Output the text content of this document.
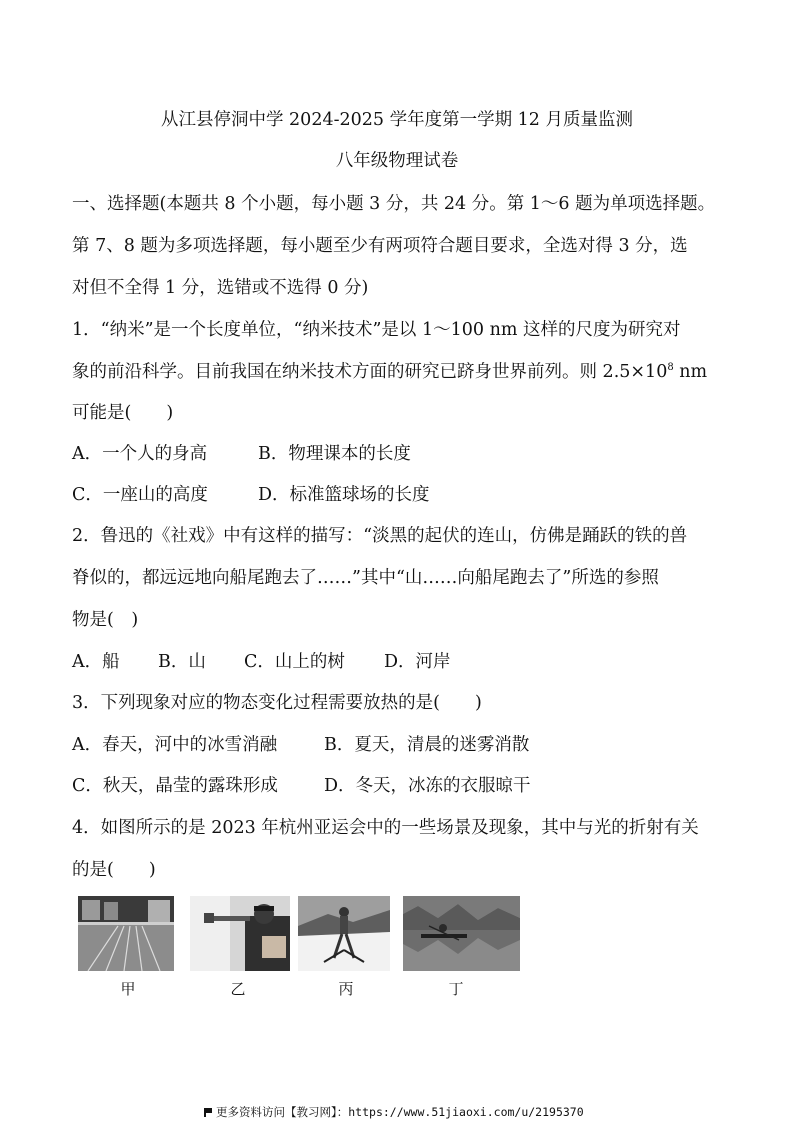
从江县停洞中学 2024-2025 学年度第一学期 12 月质量监测
八年级物理试卷
一、选择题(本题共 8 个小题，每小题 3 分，共 24 分。第 1～6 题为单项选择题。
第 7、8 题为多项选择题，每小题至少有两项符合题目要求，全选对得 3 分，选
对但不全得 1 分，选错或不选得 0 分)
1．“纳米”是一个长度单位，“纳米技术”是以 1～100 nm 这样的尺度为研究对
象的前沿科学。目前我国在纳米技术方面的研究已跻身世界前列。则 $2.5\times 10^8$ nm
可能是(　　)
A．一个人的身高	B．物理课本的长度
C．一座山的高度	D．标准篮球场的长度
2．鲁迅的《社戏》中有这样的描写：“淡黑的起伏的连山，仿佛是踊跃的铁的兽
脊似的，都远远地向船尾跑去了……”其中“山……向船尾跑去了”所选的参照
物是(　)
A．船 B．山 C．山上的树 D．河岸
3．下列现象对应的物态变化过程需要放热的是(　　)
A．春天，河中的冰雪消融	B．夏天，清晨的迷雾消散
C．秋天，晶莹的露珠形成	D．冬天，冰冻的衣服晾干
4．如图所示的是 2023 年杭州亚运会中的一些场景及现象，其中与光的折射有关
的是(　　)
甲	乙	丙	丁
更多资料访问【教习网】：https://www.51jiaoxi.com/u/2195370
